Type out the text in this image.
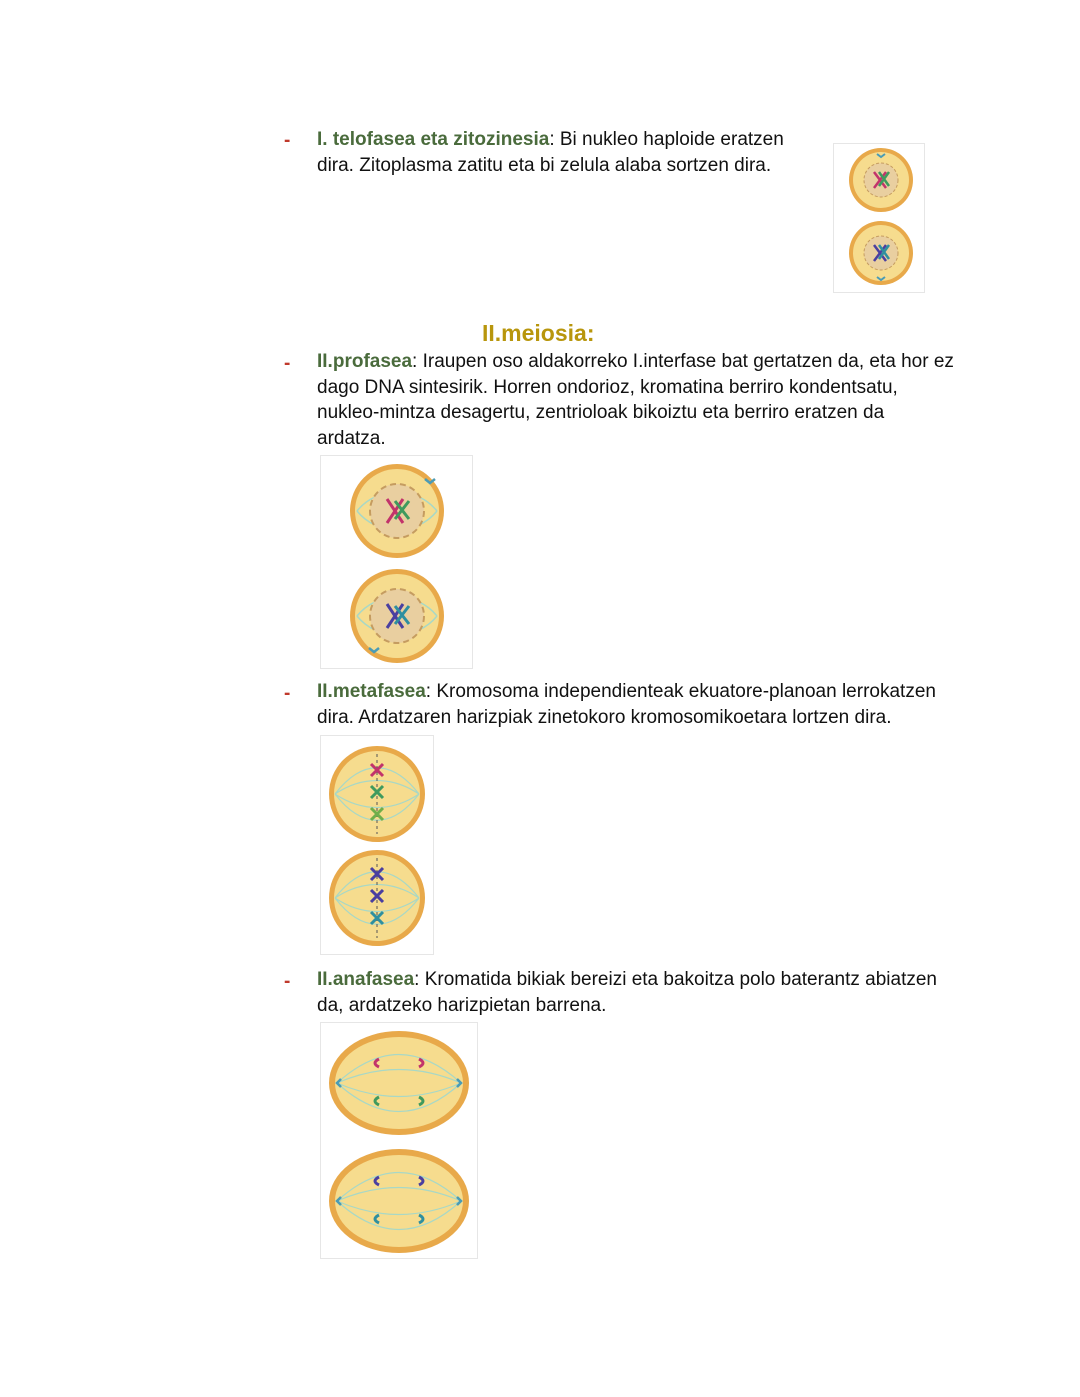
- I. telofasea eta zitozinesia: Bi nukleo haploide eratzen dira. Zitoplasma zatitu eta bi zelula alaba sortzen dira.
II.meiosia:
- II.profasea: Iraupen oso aldakorreko I.interfase bat gertatzen da, eta hor ez dago DNA sintesirik. Horren ondorioz, kromatina berriro kondentsatu, nukleo-mintza desagertu, zentrioloak bikoiztu eta berriro eratzen da ardatza.
- II.metafasea: Kromosoma independienteak ekuatore-planoan lerrokatzen dira. Ardatzaren harizpiak zinetokoro kromosomikoetara lortzen dira.
- II.anafasea: Kromatida bikiak bereizi eta bakoitza polo baterantz abiatzen da, ardatzeko harizpietan barrena.
